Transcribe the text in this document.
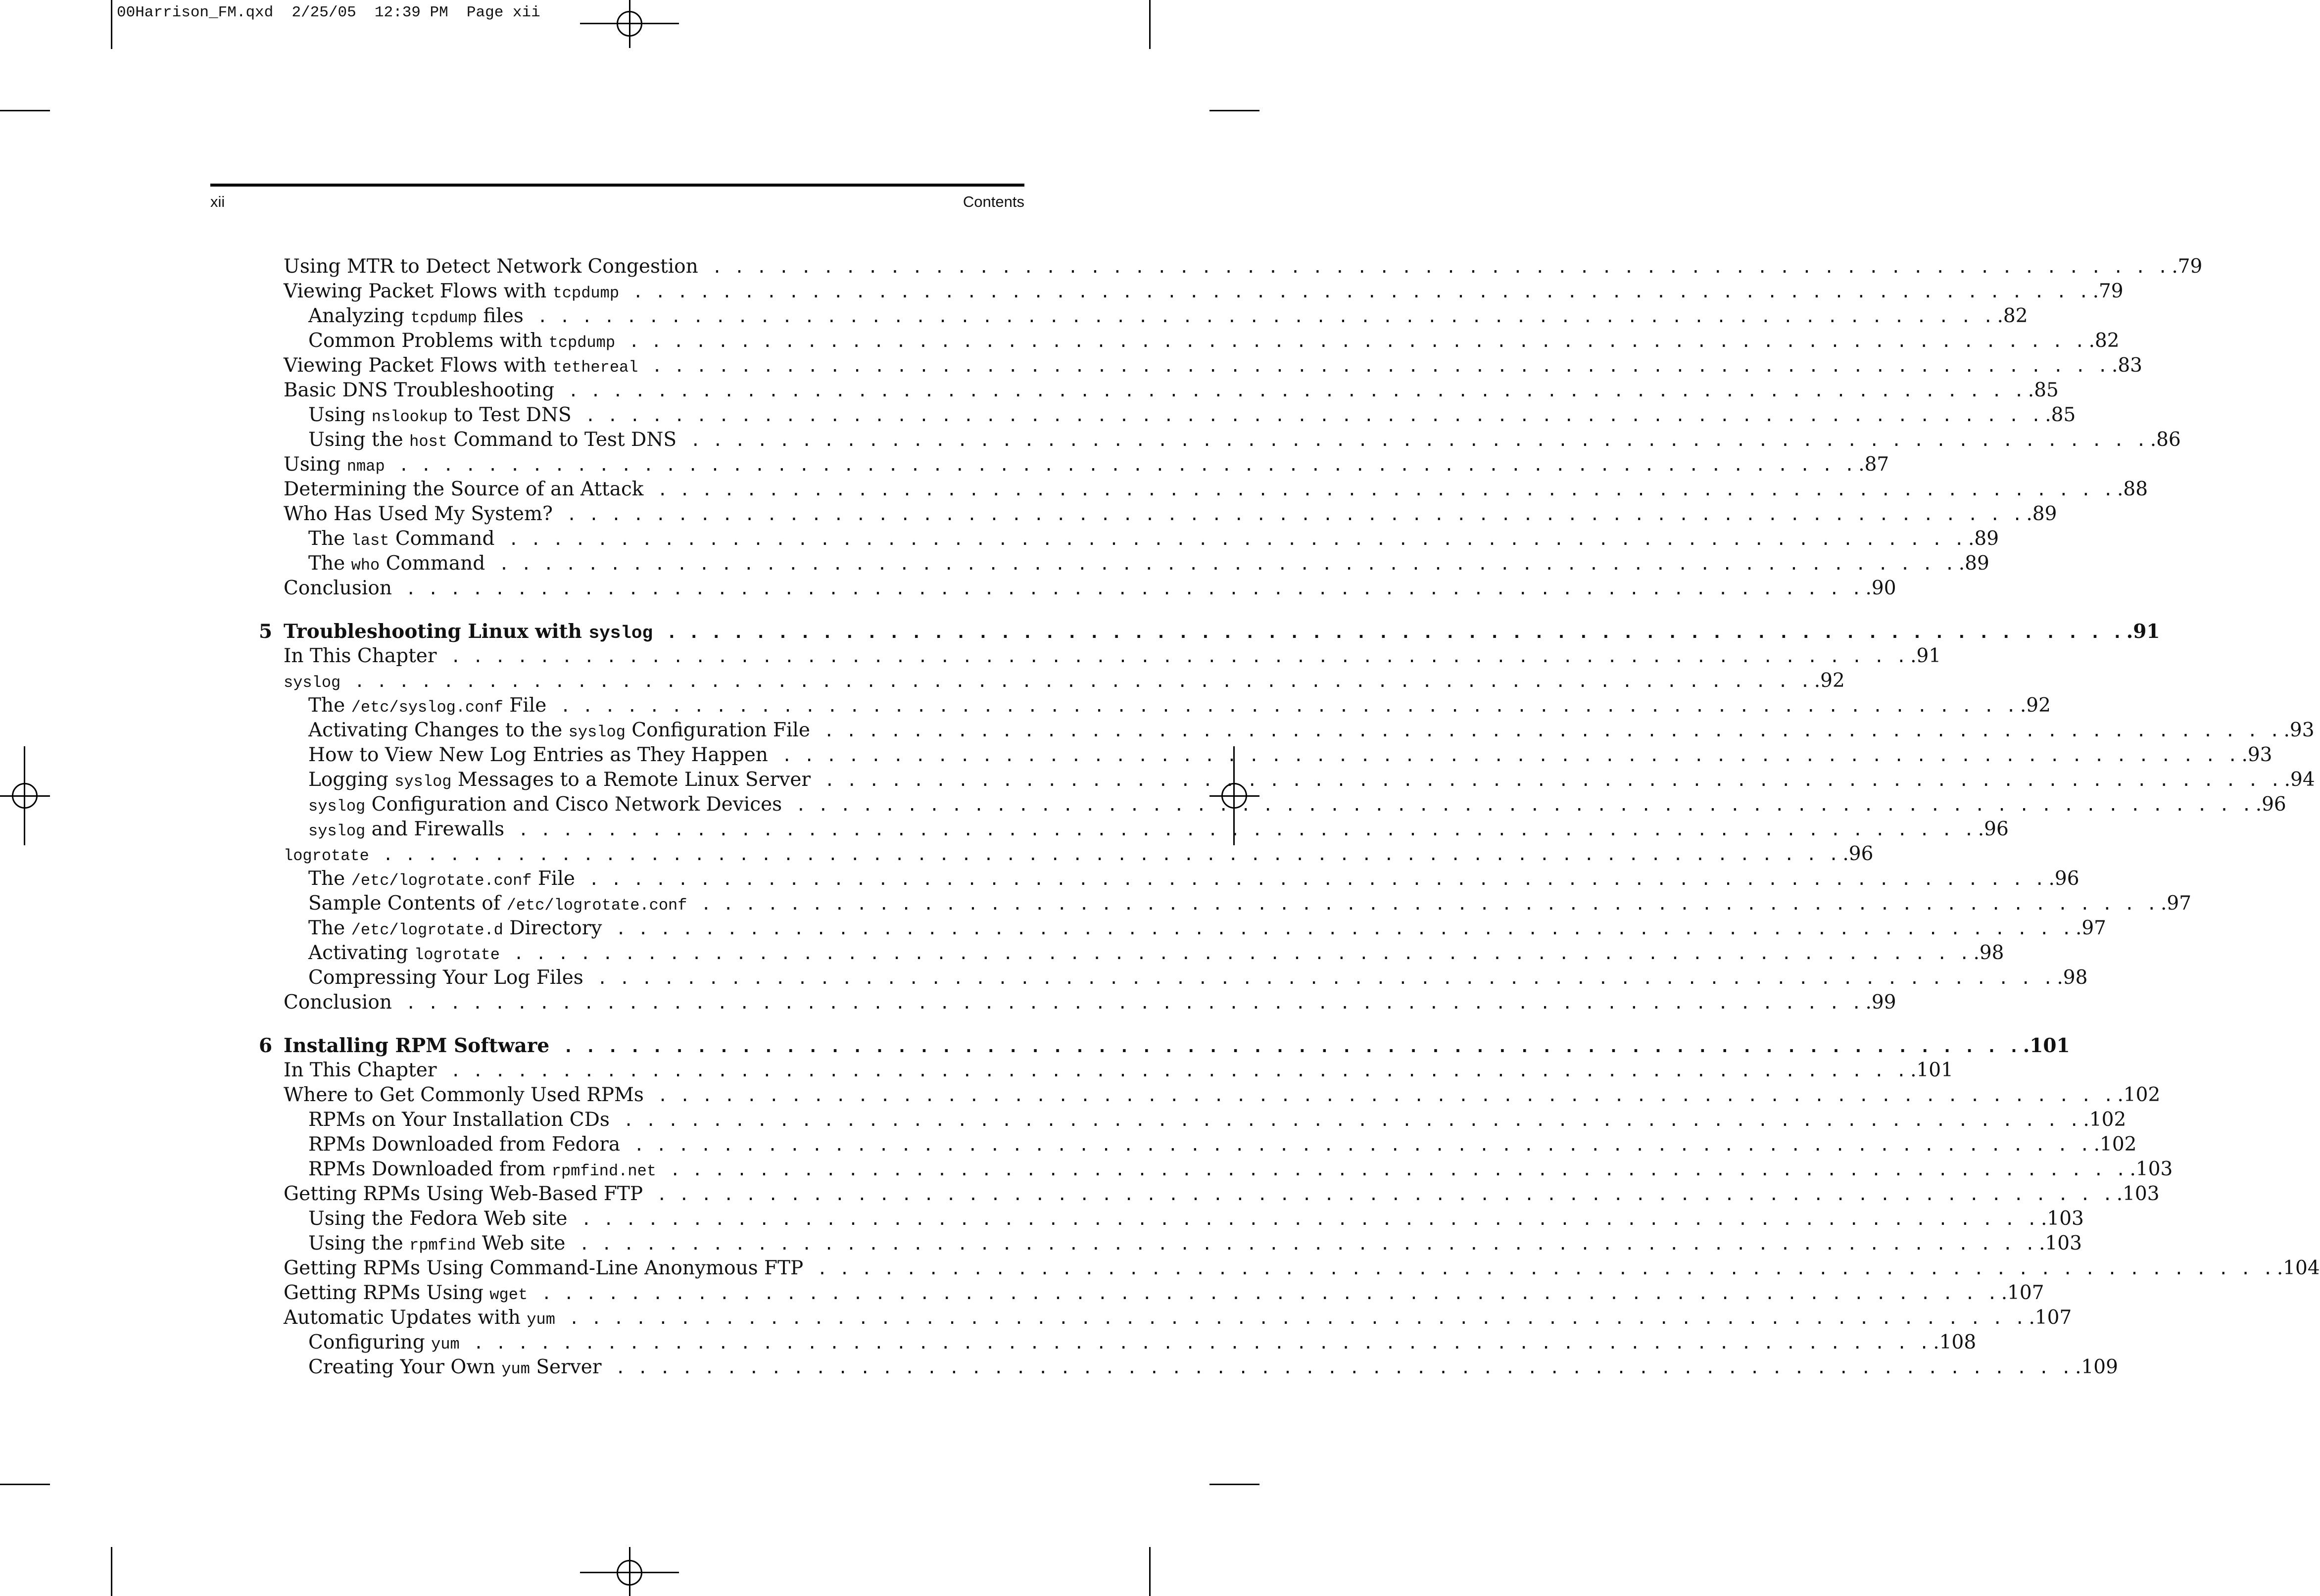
00Harrison_FM.qxd  2/25/05  12:39 PM  Page xii
xii	Contents
Using MTR to Detect Network Congestion . . . . . . . . . . . . . . . . . . . . . . . . . . . . . . . . . . . . . . . . . . . . . . . . . . . . . . . . . . . . . . . . . . .79
Viewing Packet Flows with tcpdump . . . . . . . . . . . . . . . . . . . . . . . . . . . . . . . . . . . . . . . . . . . . . . . . . . . . . . . . . . . . . . . . . . .79
Analyzing tcpdump files . . . . . . . . . . . . . . . . . . . . . . . . . . . . . . . . . . . . . . . . . . . . . . . . . . . . . . . . . . . . . . . . . . .82
Common Problems with tcpdump . . . . . . . . . . . . . . . . . . . . . . . . . . . . . . . . . . . . . . . . . . . . . . . . . . . . . . . . . . . . . . . . . . .82
Viewing Packet Flows with tethereal . . . . . . . . . . . . . . . . . . . . . . . . . . . . . . . . . . . . . . . . . . . . . . . . . . . . . . . . . . . . . . . . . . .83
Basic DNS Troubleshooting . . . . . . . . . . . . . . . . . . . . . . . . . . . . . . . . . . . . . . . . . . . . . . . . . . . . . . . . . . . . . . . . . . .85
Using nslookup to Test DNS . . . . . . . . . . . . . . . . . . . . . . . . . . . . . . . . . . . . . . . . . . . . . . . . . . . . . . . . . . . . . . . . . . .85
Using the host Command to Test DNS . . . . . . . . . . . . . . . . . . . . . . . . . . . . . . . . . . . . . . . . . . . . . . . . . . . . . . . . . . . . . . . . . . .86
Using nmap . . . . . . . . . . . . . . . . . . . . . . . . . . . . . . . . . . . . . . . . . . . . . . . . . . . . . . . . . . . . . . . . . . .87
Determining the Source of an Attack . . . . . . . . . . . . . . . . . . . . . . . . . . . . . . . . . . . . . . . . . . . . . . . . . . . . . . . . . . . . . . . . . . .88
Who Has Used My System? . . . . . . . . . . . . . . . . . . . . . . . . . . . . . . . . . . . . . . . . . . . . . . . . . . . . . . . . . . . . . . . . . . .89
The last Command . . . . . . . . . . . . . . . . . . . . . . . . . . . . . . . . . . . . . . . . . . . . . . . . . . . . . . . . . . . . . . . . . . .89
The who Command . . . . . . . . . . . . . . . . . . . . . . . . . . . . . . . . . . . . . . . . . . . . . . . . . . . . . . . . . . . . . . . . . . .89
Conclusion . . . . . . . . . . . . . . . . . . . . . . . . . . . . . . . . . . . . . . . . . . . . . . . . . . . . . . . . . . . . . . . . . . .90
5 Troubleshooting Linux with syslog . . . . . . . . . . . . . . . . . . . . . . . . . . . . . . . . . . . . . . . . . . . . . . . . . . . . . . . . . . . . . . . . . . .91
In This Chapter . . . . . . . . . . . . . . . . . . . . . . . . . . . . . . . . . . . . . . . . . . . . . . . . . . . . . . . . . . . . . . . . . . .91
syslog . . . . . . . . . . . . . . . . . . . . . . . . . . . . . . . . . . . . . . . . . . . . . . . . . . . . . . . . . . . . . . . . . . .92
The /etc/syslog.conf File . . . . . . . . . . . . . . . . . . . . . . . . . . . . . . . . . . . . . . . . . . . . . . . . . . . . . . . . . . . . . . . . . . .92
Activating Changes to the syslog Configuration File . . . . . . . . . . . . . . . . . . . . . . . . . . . . . . . . . . . . . . . . . . . . . . . . . . . . . . . . . . . . . . . . . . .93
How to View New Log Entries as They Happen . . . . . . . . . . . . . . . . . . . . . . . . . . . . . . . . . . . . . . . . . . . . . . . . . . . . . . . . . . . . . . . . . . .93
Logging syslog Messages to a Remote Linux Server . . . . . . . . . . . . . . . . . . . . . . . . . . . . . . . . . . . . . . . . . . . . . . . . . . . . . . . . . . . . . . . . . . .94
syslog Configuration and Cisco Network Devices . . . . . . . . . . . . . . . . . . . . . . . . . . . . . . . . . . . . . . . . . . . . . . . . . . . . . . . . . . . . . . . . . . .96
syslog and Firewalls . . . . . . . . . . . . . . . . . . . . . . . . . . . . . . . . . . . . . . . . . . . . . . . . . . . . . . . . . . . . . . . . . . .96
logrotate . . . . . . . . . . . . . . . . . . . . . . . . . . . . . . . . . . . . . . . . . . . . . . . . . . . . . . . . . . . . . . . . . . .96
The /etc/logrotate.conf File . . . . . . . . . . . . . . . . . . . . . . . . . . . . . . . . . . . . . . . . . . . . . . . . . . . . . . . . . . . . . . . . . . .96
Sample Contents of /etc/logrotate.conf . . . . . . . . . . . . . . . . . . . . . . . . . . . . . . . . . . . . . . . . . . . . . . . . . . . . . . . . . . . . . . . . . . .97
The /etc/logrotate.d Directory . . . . . . . . . . . . . . . . . . . . . . . . . . . . . . . . . . . . . . . . . . . . . . . . . . . . . . . . . . . . . . . . . . .97
Activating logrotate . . . . . . . . . . . . . . . . . . . . . . . . . . . . . . . . . . . . . . . . . . . . . . . . . . . . . . . . . . . . . . . . . . .98
Compressing Your Log Files . . . . . . . . . . . . . . . . . . . . . . . . . . . . . . . . . . . . . . . . . . . . . . . . . . . . . . . . . . . . . . . . . . .98
Conclusion . . . . . . . . . . . . . . . . . . . . . . . . . . . . . . . . . . . . . . . . . . . . . . . . . . . . . . . . . . . . . . . . . . .99
6 Installing RPM Software . . . . . . . . . . . . . . . . . . . . . . . . . . . . . . . . . . . . . . . . . . . . . . . . . . . . . . . . . . . . . . . . . . .101
In This Chapter . . . . . . . . . . . . . . . . . . . . . . . . . . . . . . . . . . . . . . . . . . . . . . . . . . . . . . . . . . . . . . . . . . .101
Where to Get Commonly Used RPMs . . . . . . . . . . . . . . . . . . . . . . . . . . . . . . . . . . . . . . . . . . . . . . . . . . . . . . . . . . . . . . . . . . .102
RPMs on Your Installation CDs . . . . . . . . . . . . . . . . . . . . . . . . . . . . . . . . . . . . . . . . . . . . . . . . . . . . . . . . . . . . . . . . . . .102
RPMs Downloaded from Fedora . . . . . . . . . . . . . . . . . . . . . . . . . . . . . . . . . . . . . . . . . . . . . . . . . . . . . . . . . . . . . . . . . . .102
RPMs Downloaded from rpmfind.net . . . . . . . . . . . . . . . . . . . . . . . . . . . . . . . . . . . . . . . . . . . . . . . . . . . . . . . . . . . . . . . . . . .103
Getting RPMs Using Web-Based FTP . . . . . . . . . . . . . . . . . . . . . . . . . . . . . . . . . . . . . . . . . . . . . . . . . . . . . . . . . . . . . . . . . . .103
Using the Fedora Web site . . . . . . . . . . . . . . . . . . . . . . . . . . . . . . . . . . . . . . . . . . . . . . . . . . . . . . . . . . . . . . . . . . .103
Using the rpmfind Web site . . . . . . . . . . . . . . . . . . . . . . . . . . . . . . . . . . . . . . . . . . . . . . . . . . . . . . . . . . . . . . . . . . .103
Getting RPMs Using Command-Line Anonymous FTP . . . . . . . . . . . . . . . . . . . . . . . . . . . . . . . . . . . . . . . . . . . . . . . . . . . . . . . . . . . . . . . . . . .104
Getting RPMs Using wget . . . . . . . . . . . . . . . . . . . . . . . . . . . . . . . . . . . . . . . . . . . . . . . . . . . . . . . . . . . . . . . . . . .107
Automatic Updates with yum . . . . . . . . . . . . . . . . . . . . . . . . . . . . . . . . . . . . . . . . . . . . . . . . . . . . . . . . . . . . . . . . . . .107
Configuring yum . . . . . . . . . . . . . . . . . . . . . . . . . . . . . . . . . . . . . . . . . . . . . . . . . . . . . . . . . . . . . . . . . . .108
Creating Your Own yum Server . . . . . . . . . . . . . . . . . . . . . . . . . . . . . . . . . . . . . . . . . . . . . . . . . . . . . . . . . . . . . . . . . . .109
